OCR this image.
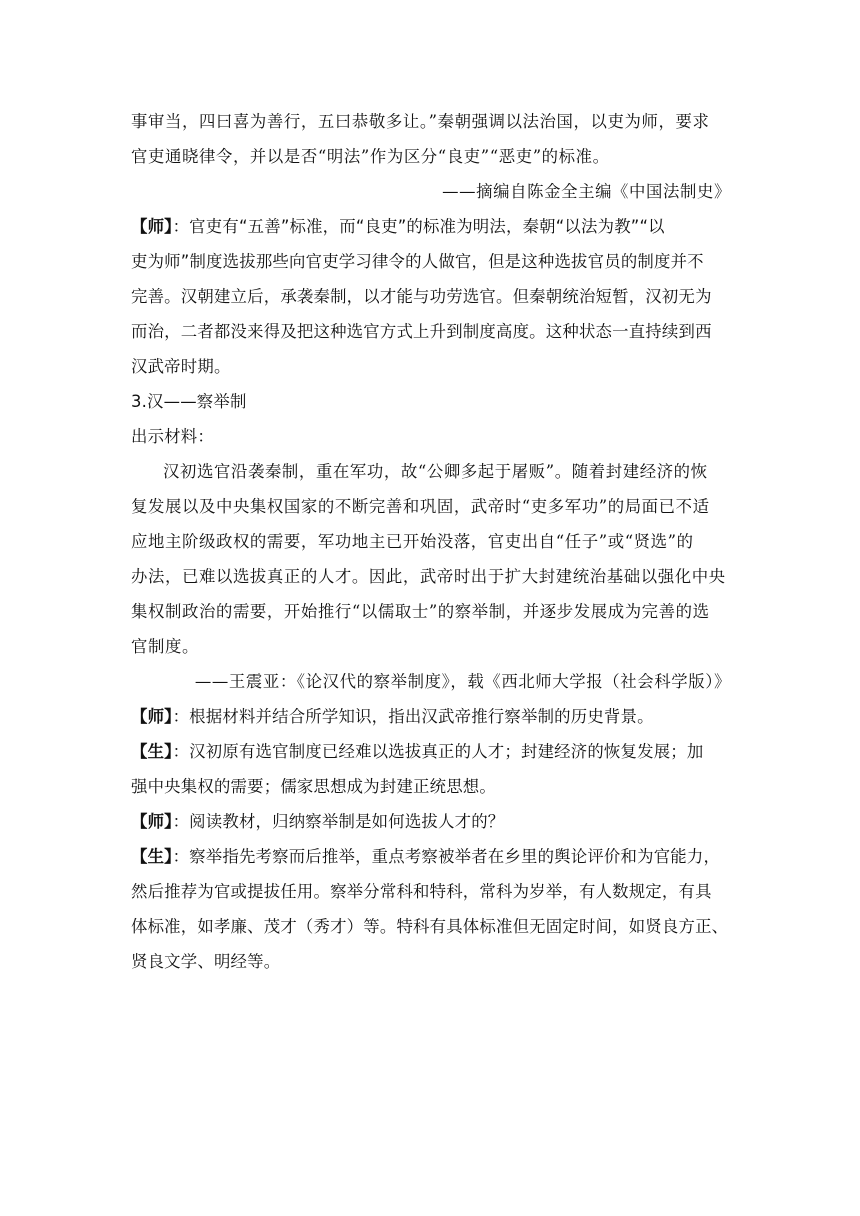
事审当，四曰喜为善行，五曰恭敬多让。”秦朝强调以法治国，以吏为师，要求
官吏通晓律令，并以是否“明法”作为区分“良吏”“恶吏”的标准。
——摘编自陈金全主编《中国法制史》
【师】：官吏有“五善”标准，而“良吏”的标准为明法，秦朝“以法为教”“以
吏为师”制度选拔那些向官吏学习律令的人做官，但是这种选拔官员的制度并不
完善。汉朝建立后，承袭秦制，以才能与功劳选官。但秦朝统治短暂，汉初无为
而治，二者都没来得及把这种选官方式上升到制度高度。这种状态一直持续到西
汉武帝时期。
3.汉——察举制
出示材料：
汉初选官沿袭秦制，重在军功，故“公卿多起于屠贩”。随着封建经济的恢
复发展以及中央集权国家的不断完善和巩固，武帝时“吏多军功”的局面已不适
应地主阶级政权的需要，军功地主已开始没落，官吏出自“任子”或“贤选”的
办法，已难以选拔真正的人才。因此，武帝时出于扩大封建统治基础以强化中央
集权制政治的需要，开始推行“以儒取士”的察举制，并逐步发展成为完善的选
官制度。
——王震亚：《论汉代的察举制度》，载《西北师大学报（社会科学版）》
【师】：根据材料并结合所学知识，指出汉武帝推行察举制的历史背景。
【生】：汉初原有选官制度已经难以选拔真正的人才；封建经济的恢复发展；加
强中央集权的需要；儒家思想成为封建正统思想。
【师】：阅读教材，归纳察举制是如何选拔人才的？
【生】：察举指先考察而后推举，重点考察被举者在乡里的舆论评价和为官能力，
然后推荐为官或提拔任用。察举分常科和特科，常科为岁举，有人数规定，有具
体标准，如孝廉、茂才（秀才）等。特科有具体标准但无固定时间，如贤良方正、
贤良文学、明经等。
